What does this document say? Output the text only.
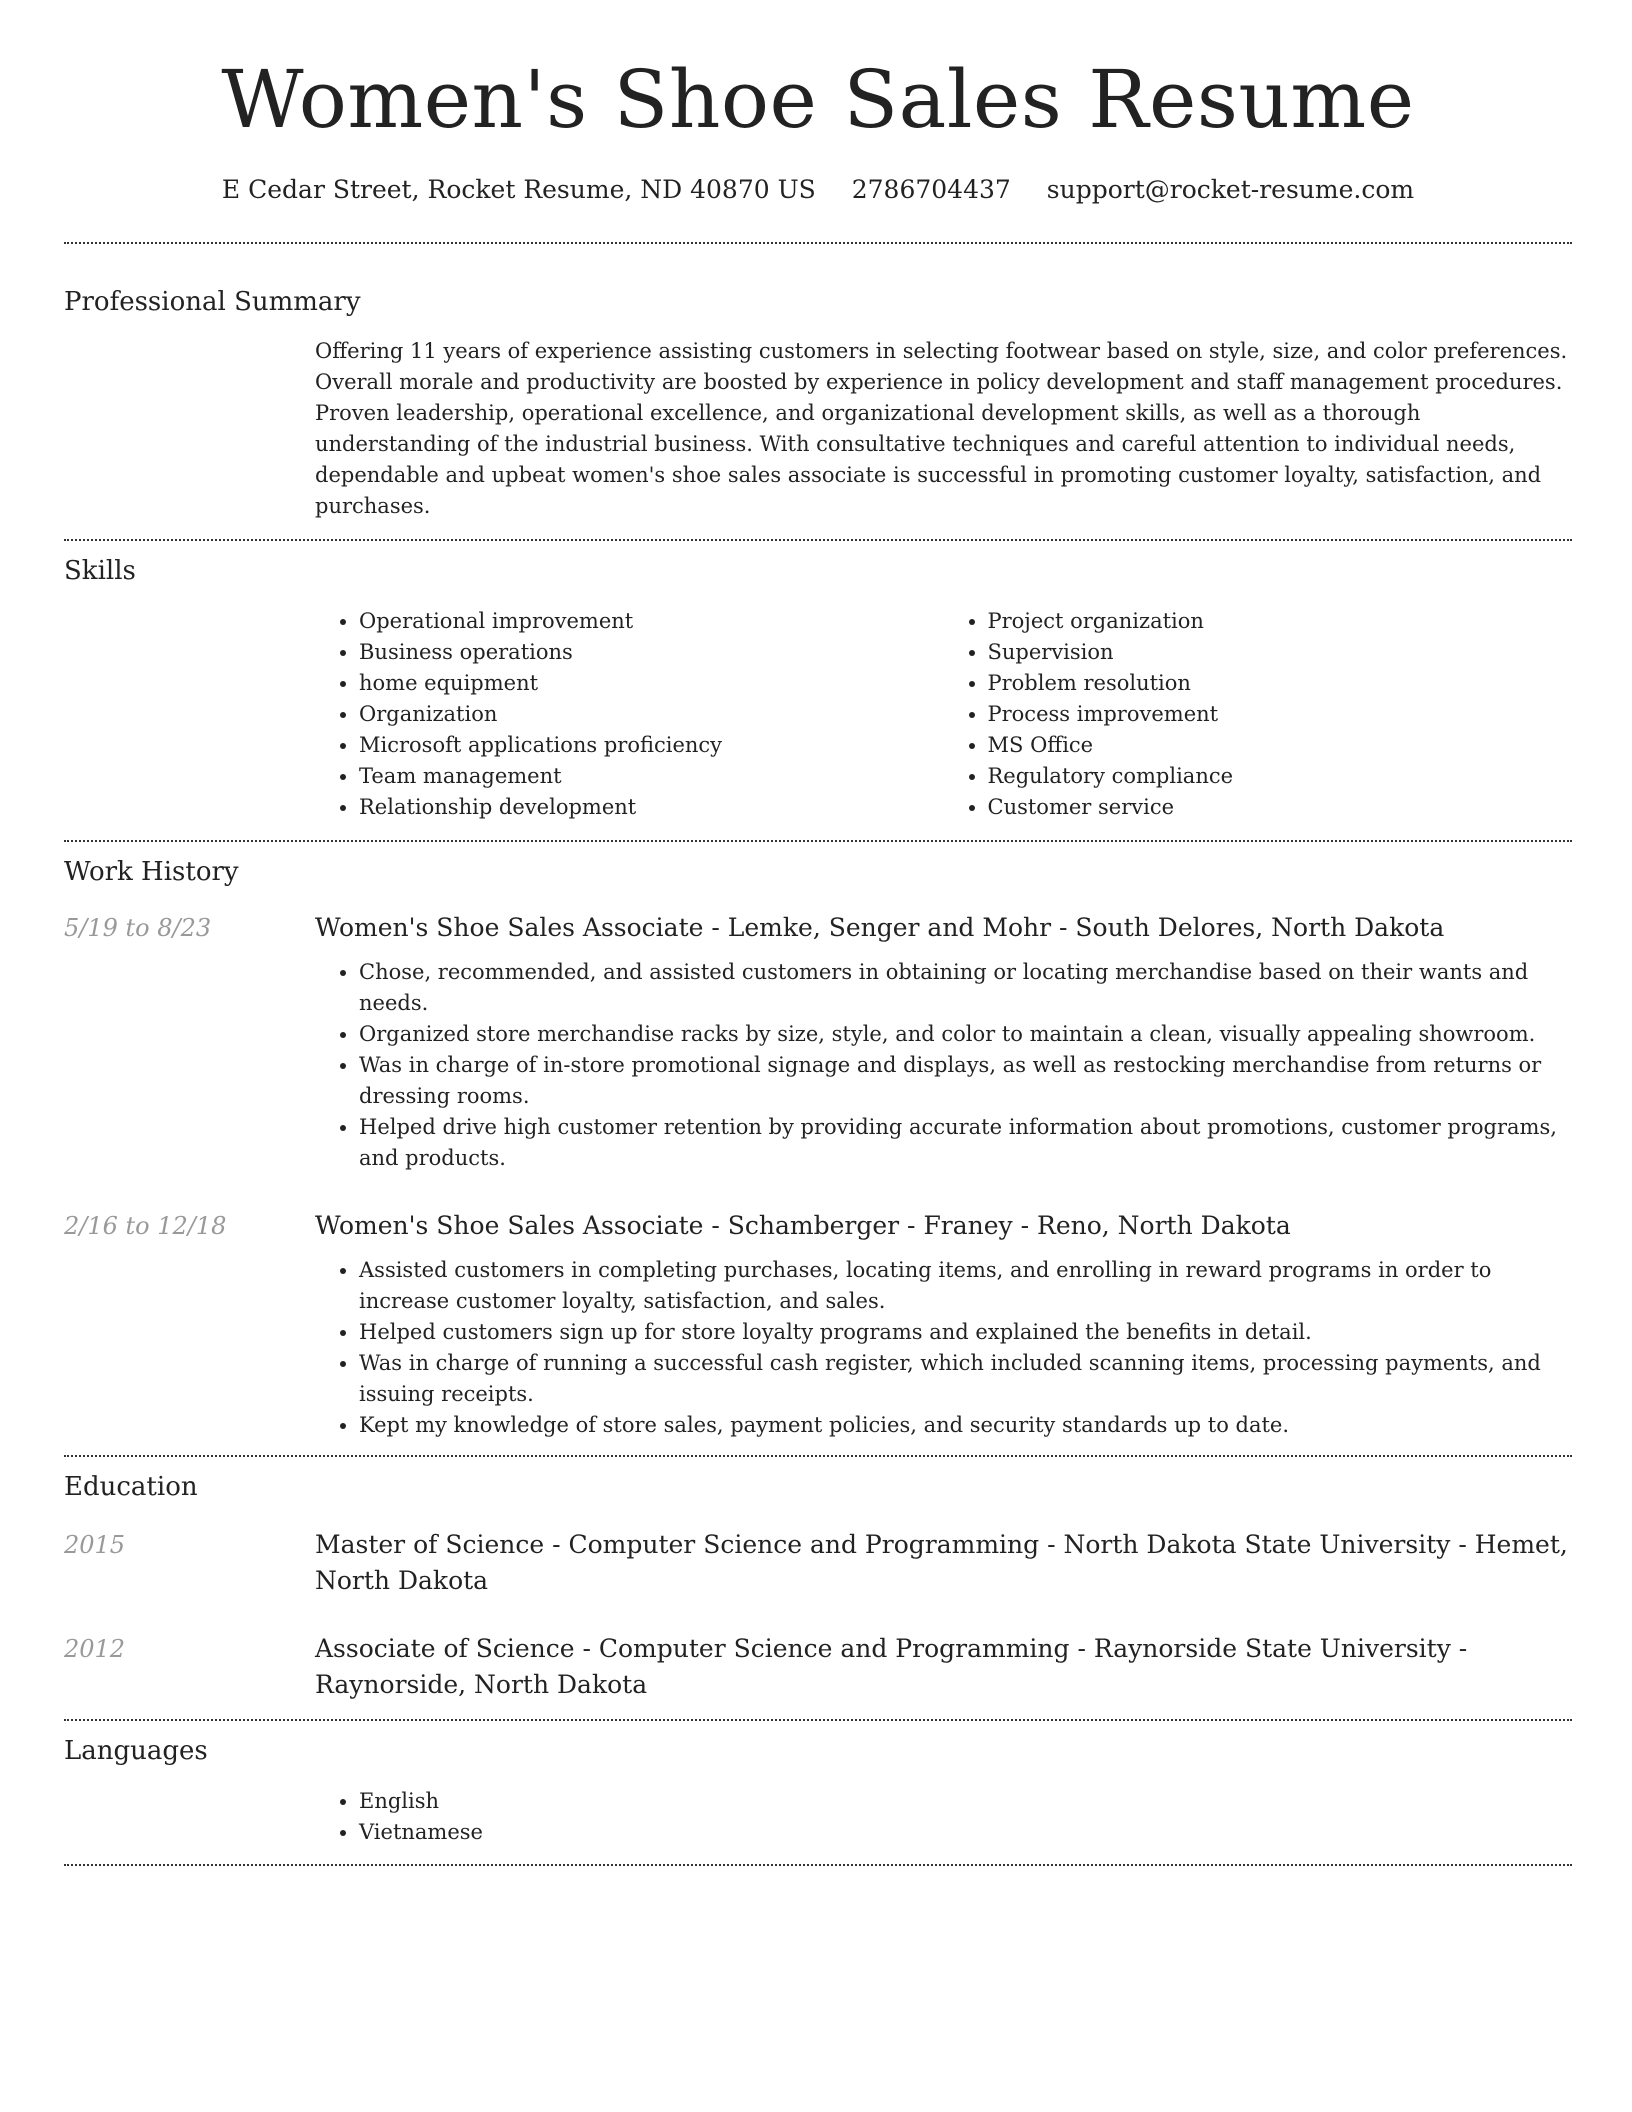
Women's Shoe Sales Resume
E Cedar Street, Rocket Resume, ND 40870 US 2786704437 support@rocket-resume.com
Professional Summary

Offering 11 years of experience assisting customers in selecting footwear based on style, size, and color preferences. Overall morale and productivity are boosted by experience in policy development and staff management procedures. Proven leadership, operational excellence, and organizational development skills, as well as a thorough understanding of the industrial business. With consultative techniques and careful attention to individual needs, dependable and upbeat women's shoe sales associate is successful in promoting customer loyalty, satisfaction, and purchases.

Skills
• Operational improvement
• Business operations
• home equipment
• Organization
• Microsoft applications proficiency
• Team management
• Relationship development
• Project organization
• Supervision
• Problem resolution
• Process improvement
• MS Office
• Regulatory compliance
• Customer service
Work History
5/19 to 8/23	Women's Shoe Sales Associate - Lemke, Senger and Mohr - South Delores, North Dakota
• Chose, recommended, and assisted customers in obtaining or locating merchandise based on their wants and needs.
• Organized store merchandise racks by size, style, and color to maintain a clean, visually appealing showroom.
• Was in charge of in-store promotional signage and displays, as well as restocking merchandise from returns or dressing rooms.
• Helped drive high customer retention by providing accurate information about promotions, customer programs, and products.
2/16 to 12/18	Women's Shoe Sales Associate - Schamberger - Franey - Reno, North Dakota
• Assisted customers in completing purchases, locating items, and enrolling in reward programs in order to increase customer loyalty, satisfaction, and sales.
• Helped customers sign up for store loyalty programs and explained the benefits in detail.
• Was in charge of running a successful cash register, which included scanning items, processing payments, and issuing receipts.
• Kept my knowledge of store sales, payment policies, and security standards up to date.
Education
2015	Master of Science - Computer Science and Programming - North Dakota State University - Hemet, North Dakota
2012	Associate of Science - Computer Science and Programming - Raynorside State University - Raynorside, North Dakota
Languages
• English
• Vietnamese
